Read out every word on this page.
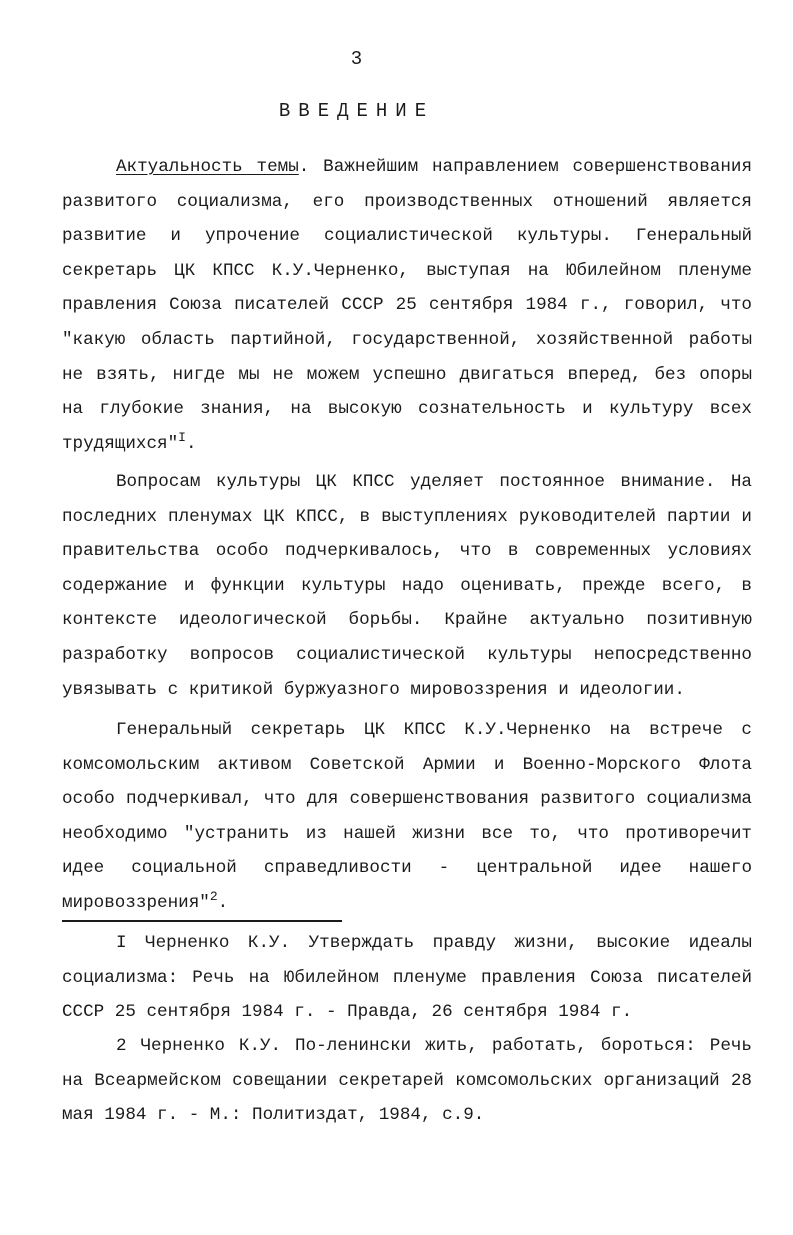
3
ВВЕДЕНИЕ

Актуальность темы. Важнейшим направлением совершенствования развитого социализма, его производственных отношений является развитие и упрочение социалистической культуры. Генеральный секретарь ЦК КПСС К.У.Черненко, выступая на Юбилейном пленуме правления Союза писателей СССР 25 сентября 1984 г., говорил, что "какую область партийной, государственной, хозяйственной работы не взять, нигде мы не можем успешно двигаться вперед, без опоры на глубокие знания, на высокую сознательность и культуру всех трудящихся"$^I$.

Вопросам культуры ЦК КПСС уделяет постоянное внимание. На последних пленумах ЦК КПСС, в выступлениях руководителей партии и правительства особо подчеркивалось, что в современных условиях содержание и функции культуры надо оценивать, прежде всего, в контексте идеологической борьбы. Крайне актуально позитивную разработку вопросов социалистической культуры непосредственно увязывать с критикой буржуазного мировоззрения и идеологии.

Генеральный секретарь ЦК КПСС К.У.Черненко на встрече с комсомольским активом Советской Армии и Военно-Морского Флота особо подчеркивал, что для совершенствования развитого социализма необходимо "устранить из нашей жизни все то, что противоречит идее социальной справедливости - центральной идее нашего мировоззрения"$^2$.

I Черненко К.У. Утверждать правду жизни, высокие идеалы социализма: Речь на Юбилейном пленуме правления Союза писателей СССР 25 сентября 1984 г. - Правда, 26 сентября 1984 г.

2 Черненко К.У. По-ленински жить, работать, бороться: Речь на Всеармейском совещании секретарей комсомольских организаций 28 мая 1984 г. - М.: Политиздат, 1984, с.9.
